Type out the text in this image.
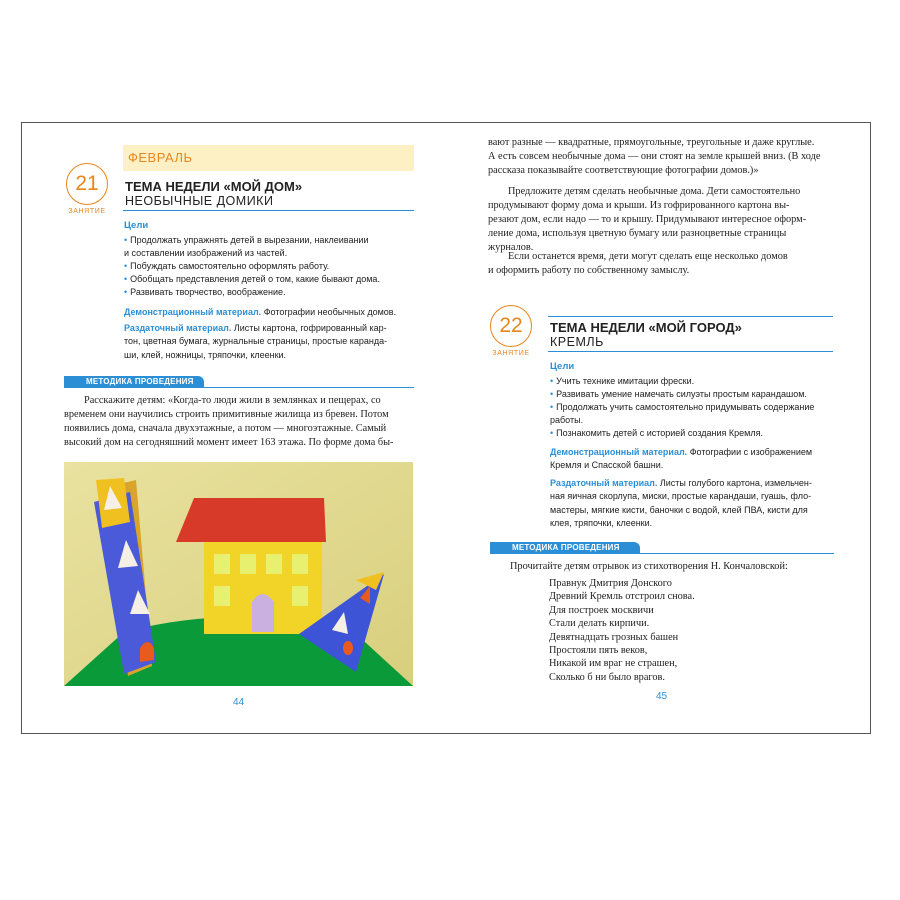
ФЕВРАЛЬ
21
ЗАНЯТИЕ
ТЕМА НЕДЕЛИ «МОЙ ДОМ»
НЕОБЫЧНЫЕ ДОМИКИ
Цели
• Продолжать упражнять детей в вырезании, наклеивании
и составлении изображений из частей.
• Побуждать самостоятельно оформлять работу.
• Обобщать представления детей о том, какие бывают дома.
• Развивать творчество, воображение.
Демонстрационный материал. Фотографии необычных домов.
Раздаточный материал. Листы картона, гофрированный кар-
тон, цветная бумага, журнальные страницы, простые каранда-
ши, клей, ножницы, тряпочки, клеенки.
МЕТОДИКА ПРОВЕДЕНИЯ
Расскажите детям: «Когда-то люди жили в землянках и пещерах, со
временем они научились строить примитивные жилища из бревен. Потом
появились дома, сначала двухэтажные, а потом — многоэтажные. Самый
высокий дом на сегодняшний момент имеет 163 этажа. По форме дома бы-
44
вают разные — квадратные, прямоугольные, треугольные и даже круглые.
А есть совсем необычные дома — они стоят на земле крышей вниз. (В ходе
рассказа показывайте соответствующие фотографии домов.)»
Предложите детям сделать необычные дома. Дети самостоятельно
продумывают форму дома и крыши. Из гофрированного картона вы-
резают дом, если надо — то и крышу. Придумывают интересное оформ-
ление дома, используя цветную бумагу или разноцветные страницы
журналов.
Если останется время, дети могут сделать еще несколько домов
и оформить работу по собственному замыслу.
22
ЗАНЯТИЕ
ТЕМА НЕДЕЛИ «МОЙ ГОРОД»
КРЕМЛЬ
Цели
• Учить технике имитации фрески.
• Развивать умение намечать силуэты простым карандашом.
• Продолжать учить самостоятельно придумывать содержание
работы.
• Познакомить детей с историей создания Кремля.
Демонстрационный материал. Фотографии с изображением
Кремля и Спасской башни.
Раздаточный материал. Листы голубого картона, измельчен-
ная яичная скорлупа, миски, простые карандаши, гуашь, фло-
мастеры, мягкие кисти, баночки с водой, клей ПВА, кисти для
клея, тряпочки, клеенки.
МЕТОДИКА ПРОВЕДЕНИЯ
Прочитайте детям отрывок из стихотворения Н. Кончаловской:
Правнук Дмитрия Донского
Древний Кремль отстроил снова.
Для построек москвичи
Стали делать кирпичи.
Девятнадцать грозных башен
Простояли пять веков,
Никакой им враг не страшен,
Сколько б ни было врагов.
45
